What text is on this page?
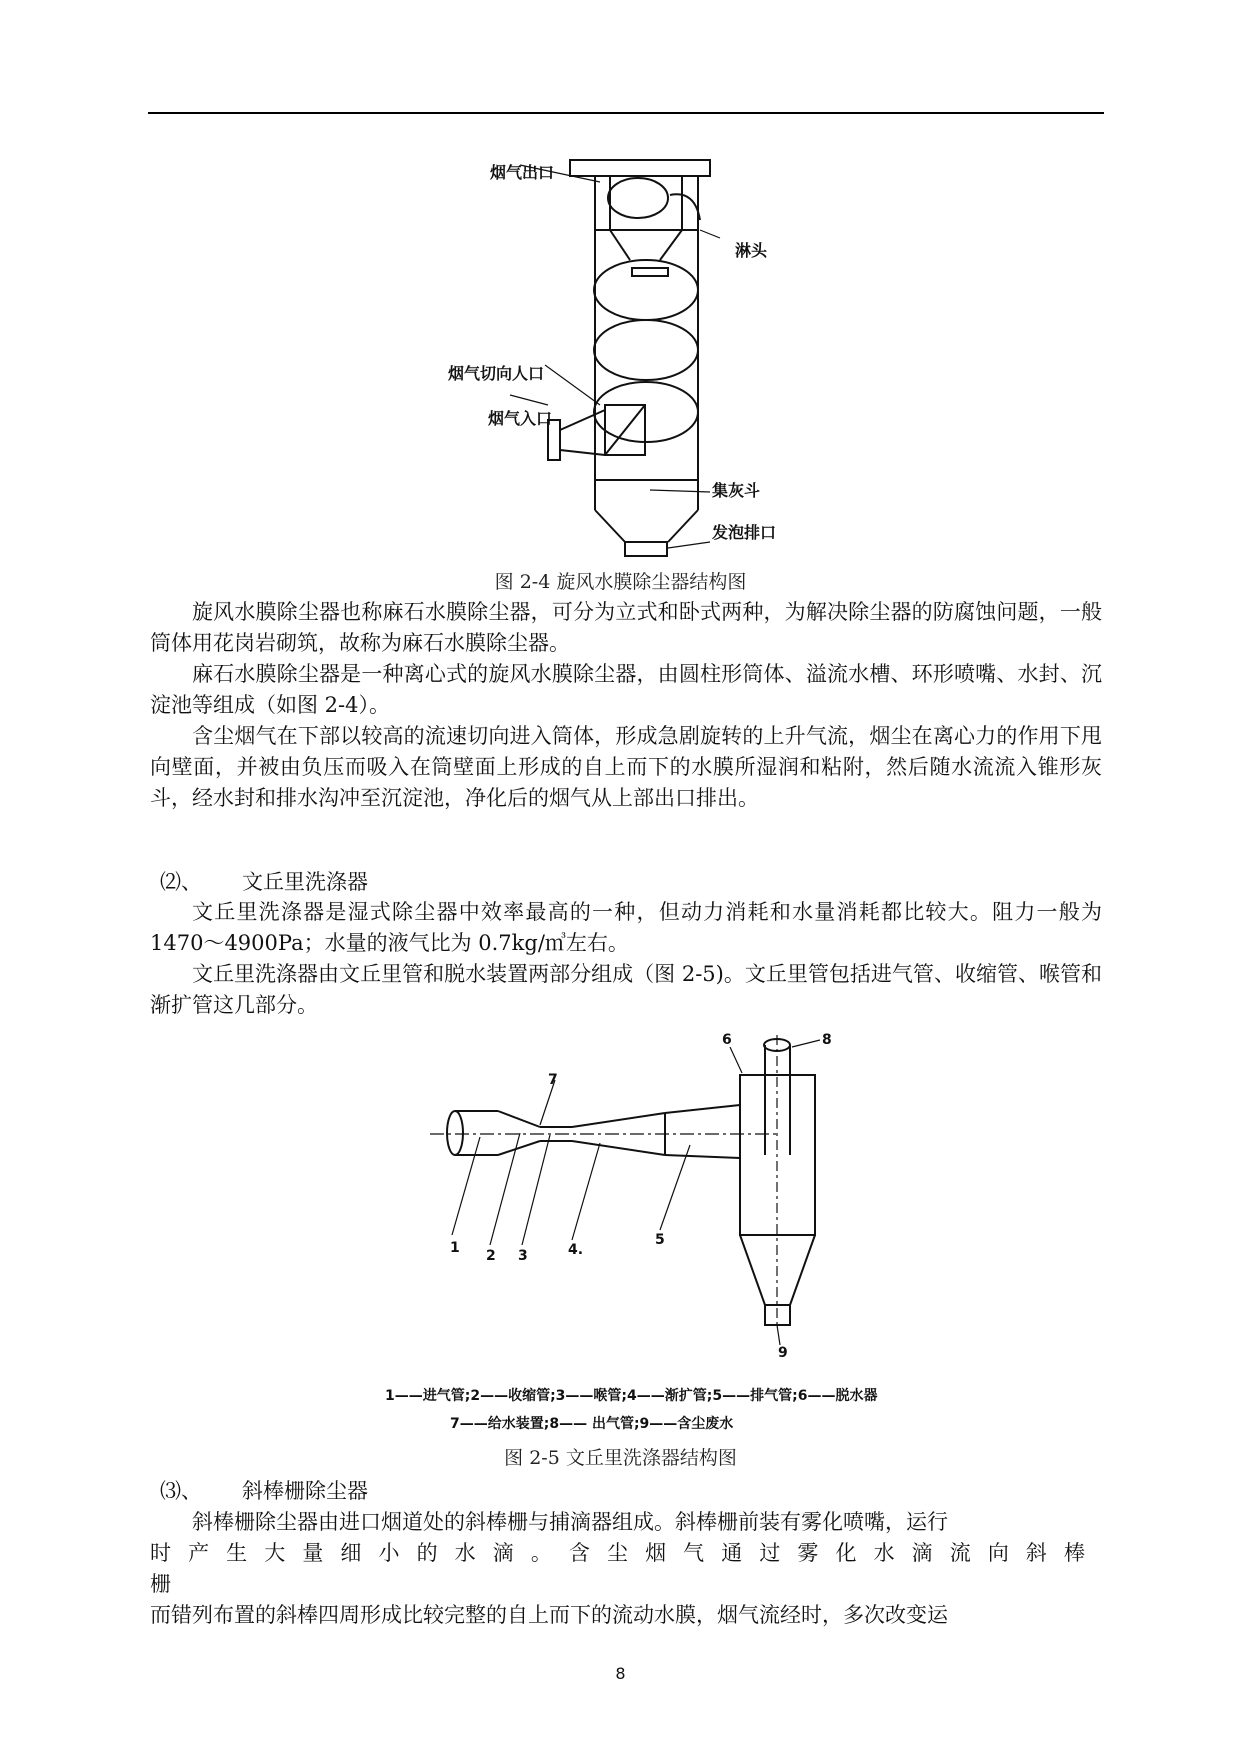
烟气出口
淋头
烟气切向人口
烟气入口
集灰斗
发泡排口
图 2-4 旋风水膜除尘器结构图

旋风水膜除尘器也称麻石水膜除尘器，可分为立式和卧式两种，为解决除尘器的防腐蚀问题，一般筒体用花岗岩砌筑，故称为麻石水膜除尘器。

麻石水膜除尘器是一种离心式的旋风水膜除尘器，由圆柱形筒体、溢流水槽、环形喷嘴、水封、沉淀池等组成（如图 2-4）。

含尘烟气在下部以较高的流速切向进入筒体，形成急剧旋转的上升气流，烟尘在离心力的作用下甩向壁面，并被由负压而吸入在筒壁面上形成的自上而下的水膜所湿润和粘附，然后随水流流入锥形灰斗，经水封和排水沟冲至沉淀池，净化后的烟气从上部出口排出。

⑵、 文丘里洗涤器

文丘里洗涤器是湿式除尘器中效率最高的一种，但动力消耗和水量消耗都比较大。阻力一般为 1470～4900Pa；水量的液气比为 0.7kg/㎥左右。

文丘里洗涤器由文丘里管和脱水装置两部分组成（图 2-5)。文丘里管包括进气管、收缩管、喉管和渐扩管这几部分。

1 2 3	4.
5
6
7
8
9
1——进气管;2——收缩管;3——喉管;4——渐扩管;5——排气管;6——脱水器
7——给水装置;8—— 出气管;9——含尘废水
图 2-5 文丘里洗涤器结构图
⑶、 斜棒栅除尘器

斜棒栅除尘器由进口烟道处的斜棒栅与捕滴器组成。斜棒栅前装有雾化喷嘴，运行

时产生大量细小的水滴。含尘烟气通过雾化水滴流向斜棒栅

而错列布置的斜棒四周形成比较完整的自上而下的流动水膜，烟气流经时，多次改变运

8
